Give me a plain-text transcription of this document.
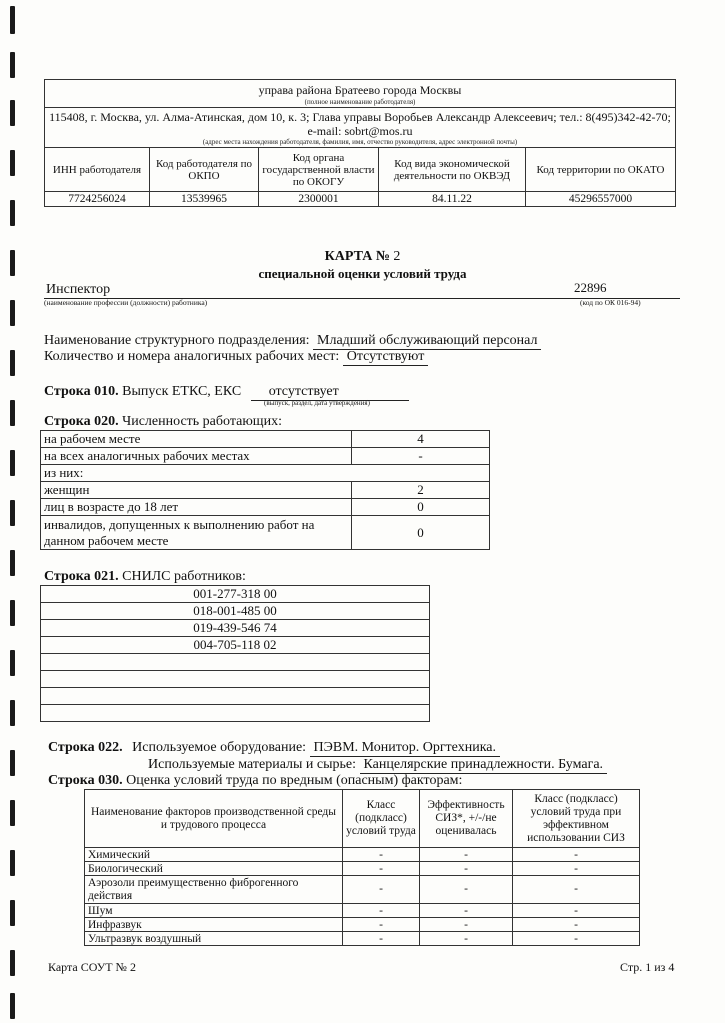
управа района Братеево города Москвы
(полное наименование работодателя)				

115408, г. Москва, ул. Алма-Атинская, дом 10, к. 3; Глава управы Воробьев Александр Алексеевич; тел.: 8(495)342-42-70; e-mail: sobrt@mos.ru
(адрес места нахождения работодателя, фамилия, имя, отчество руководителя, адрес электронной почты)				

ИНН работодателя	Код работодателя по ОКПО	Код органа государственной власти по ОКОГУ	Код вида экономической деятельности по ОКВЭД	Код территории по ОКАТО
7724256024	13539965	2300001	84.11.22	45296557000
КАРТА № 2
специальной оценки условий труда
Инспектор	22896
(наименование профессии (должности) работника)	(код по ОК 016-94)
Наименование структурного подразделения: Младший обслуживающий персонал
Количество и номера аналогичных рабочих мест: Отсутствуют
Строка 010. Выпуск ЕТКС, ЕКС отсутствует
(выпуск, раздел, дата утверждения)
Строка 020. Численность работающих:
на рабочем месте	4
на всех аналогичных рабочих местах	-
из них:	
женщин	2
лиц в возрасте до 18 лет	0
инвалидов, допущенных к выполнению работ на данном рабочем месте	0
Строка 021. СНИЛС работников:
001-277-318 00
018-001-485 00
019-439-546 74
004-705-118 02

Строка 022. Используемое оборудование: ПЭВМ. Монитор. Оргтехника.
Используемые материалы и сырье: Канцелярские принадлежности. Бумага.
Строка 030. Оценка условий труда по вредным (опасным) факторам:
Наименование факторов производственной среды и трудового процесса	Класс (подкласс) условий труда	Эффективность СИЗ*, +/-/не оценивалась	Класс (подкласс) условий труда при эффективном использовании СИЗ
Химический	-	-	-
Биологический	-	-	-
Аэрозоли преимущественно фиброгенного действия	-	-	-
Шум	-	-	-
Инфразвук	-	-	-
Ультразвук воздушный	-	-	-
Карта СОУТ № 2	Стр. 1 из 4
